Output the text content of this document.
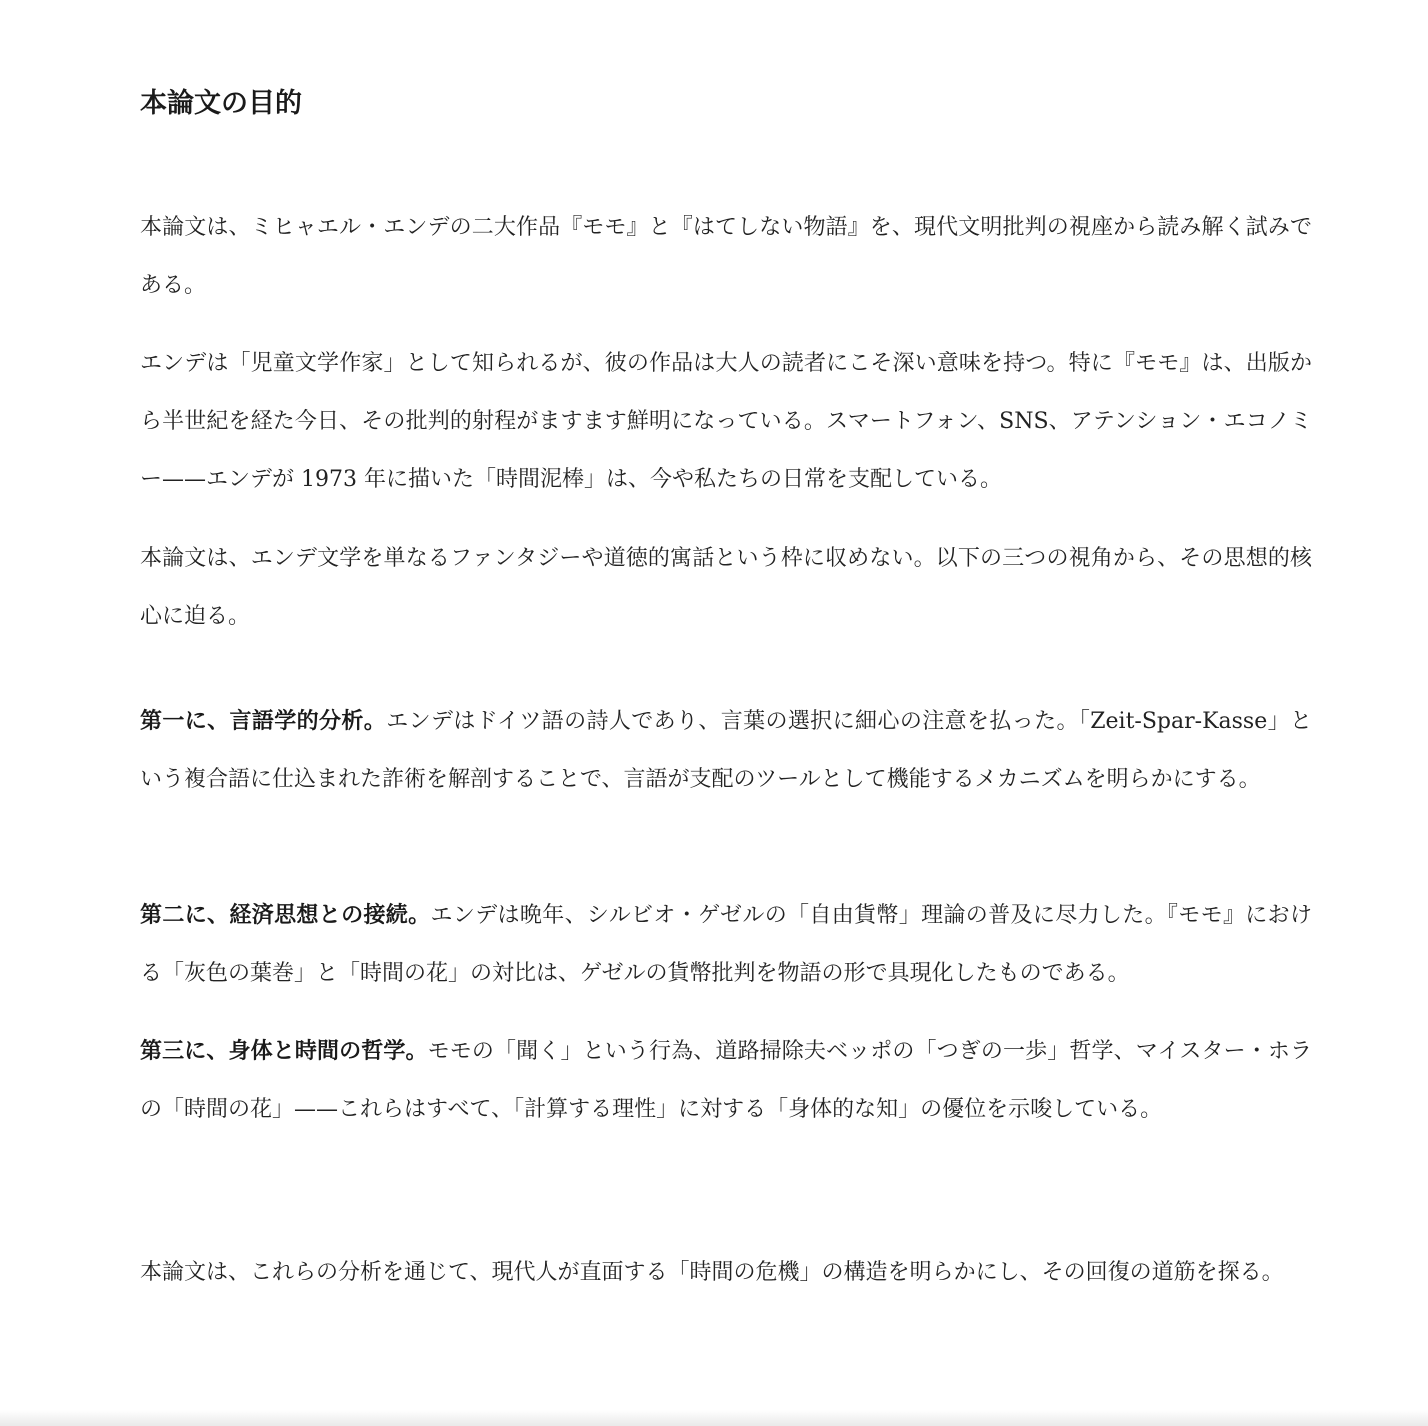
本論文の目的

本論文は、ミヒャエル・エンデの二大作品『モモ』と『はてしない物語』を、現代文明批判の視座から読み解く試みである。

エンデは「児童文学作家」として知られるが、彼の作品は大人の読者にこそ深い意味を持つ。特に『モモ』は、出版から半世紀を経た今日、その批判的射程がますます鮮明になっている。スマートフォン、SNS、アテンション・エコノミー——エンデが 1973 年に描いた「時間泥棒」は、今や私たちの日常を支配している。

本論文は、エンデ文学を単なるファンタジーや道徳的寓話という枠に収めない。以下の三つの視角から、その思想的核心に迫る。

第一に、言語学的分析。エンデはドイツ語の詩人であり、言葉の選択に細心の注意を払った。「Zeit-Spar-Kasse」という複合語に仕込まれた詐術を解剖することで、言語が支配のツールとして機能するメカニズムを明らかにする。

第二に、経済思想との接続。エンデは晩年、シルビオ・ゲゼルの「自由貨幣」理論の普及に尽力した。『モモ』における「灰色の葉巻」と「時間の花」の対比は、ゲゼルの貨幣批判を物語の形で具現化したものである。

第三に、身体と時間の哲学。モモの「聞く」という行為、道路掃除夫ベッポの「つぎの一歩」哲学、マイスター・ホラの「時間の花」——これらはすべて、「計算する理性」に対する「身体的な知」の優位を示唆している。

本論文は、これらの分析を通じて、現代人が直面する「時間の危機」の構造を明らかにし、その回復の道筋を探る。
